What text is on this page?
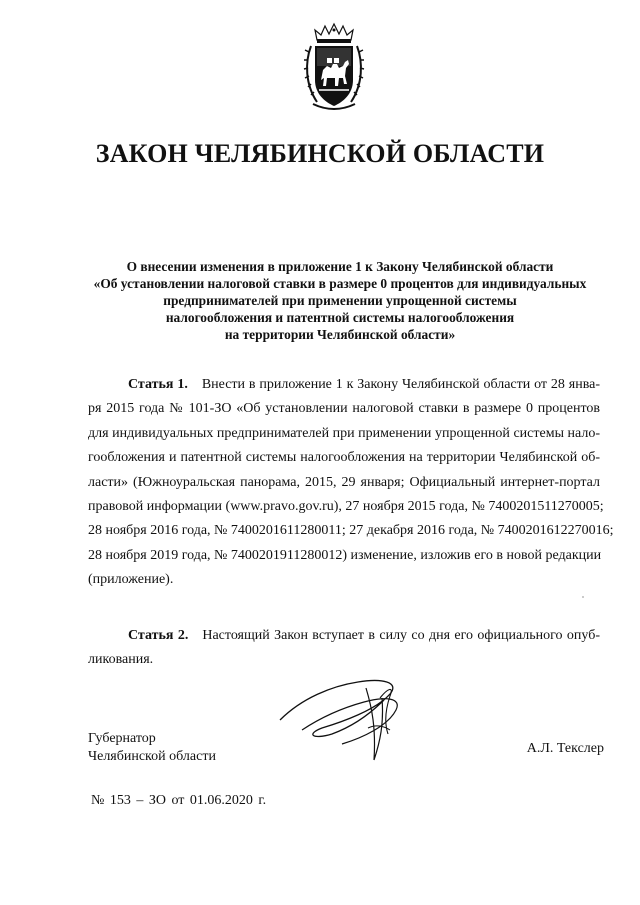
ЗАКОН ЧЕЛЯБИНСКОЙ ОБЛАСТИ
О внесении изменения в приложение 1 к Закону Челябинской области
«Об установлении налоговой ставки в размере 0 процентов для индивидуальных
предпринимателей при применении упрощенной системы
налогообложения и патентной системы налогообложения
на территории Челябинской области»
Статья 1. Внести в приложение 1 к Закону Челябинской области от 28 янва-
ря 2015 года № 101-ЗО «Об установлении налоговой ставки в размере 0 процентов
для индивидуальных предпринимателей при применении упрощенной системы нало-
гообложения и патентной системы налогообложения на территории Челябинской об-
ласти» (Южноуральская панорама, 2015, 29 января; Официальный интернет-портал
правовой информации (www.pravo.gov.ru), 27 ноября 2015 года, № 7400201511270005;
28 ноября 2016 года, № 7400201611280011; 27 декабря 2016 года, № 7400201612270016;
28 ноября 2019 года, № 7400201911280012) изменение, изложив его в новой редакции
(приложение).
Статья 2. Настоящий Закон вступает в силу со дня его официального опуб-
ликования.
Губернатор
Челябинской области
А.Л. Текслер
№ 153 – ЗО от 01.06.2020 г.
